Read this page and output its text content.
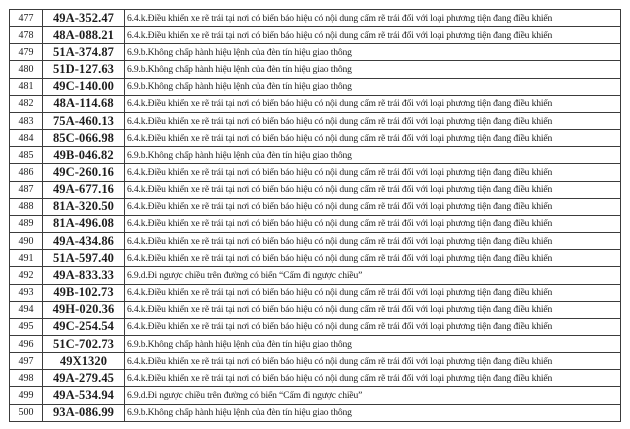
477	49A-352.47	6.4.k.Điều khiển xe rẽ trái tại nơi có biển báo hiệu có nội dung cấm rẽ trái đối với loại phương tiện đang điều khiển
478	48A-088.21	6.4.k.Điều khiển xe rẽ trái tại nơi có biển báo hiệu có nội dung cấm rẽ trái đối với loại phương tiện đang điều khiển
479	51A-374.87	6.9.b.Không chấp hành hiệu lệnh của đèn tín hiệu giao thông
480	51D-127.63	6.9.b.Không chấp hành hiệu lệnh của đèn tín hiệu giao thông
481	49C-140.00	6.9.b.Không chấp hành hiệu lệnh của đèn tín hiệu giao thông
482	48A-114.68	6.4.k.Điều khiển xe rẽ trái tại nơi có biển báo hiệu có nội dung cấm rẽ trái đối với loại phương tiện đang điều khiển
483	75A-460.13	6.4.k.Điều khiển xe rẽ trái tại nơi có biển báo hiệu có nội dung cấm rẽ trái đối với loại phương tiện đang điều khiển
484	85C-066.98	6.4.k.Điều khiển xe rẽ trái tại nơi có biển báo hiệu có nội dung cấm rẽ trái đối với loại phương tiện đang điều khiển
485	49B-046.82	6.9.b.Không chấp hành hiệu lệnh của đèn tín hiệu giao thông
486	49C-260.16	6.4.k.Điều khiển xe rẽ trái tại nơi có biển báo hiệu có nội dung cấm rẽ trái đối với loại phương tiện đang điều khiển
487	49A-677.16	6.4.k.Điều khiển xe rẽ trái tại nơi có biển báo hiệu có nội dung cấm rẽ trái đối với loại phương tiện đang điều khiển
488	81A-320.50	6.4.k.Điều khiển xe rẽ trái tại nơi có biển báo hiệu có nội dung cấm rẽ trái đối với loại phương tiện đang điều khiển
489	81A-496.08	6.4.k.Điều khiển xe rẽ trái tại nơi có biển báo hiệu có nội dung cấm rẽ trái đối với loại phương tiện đang điều khiển
490	49A-434.86	6.4.k.Điều khiển xe rẽ trái tại nơi có biển báo hiệu có nội dung cấm rẽ trái đối với loại phương tiện đang điều khiển
491	51A-597.40	6.4.k.Điều khiển xe rẽ trái tại nơi có biển báo hiệu có nội dung cấm rẽ trái đối với loại phương tiện đang điều khiển
492	49A-833.33	6.9.d.Đi ngược chiều trên đường có biển “Cấm đi ngược chiều”
493	49B-102.73	6.4.k.Điều khiển xe rẽ trái tại nơi có biển báo hiệu có nội dung cấm rẽ trái đối với loại phương tiện đang điều khiển
494	49H-020.36	6.4.k.Điều khiển xe rẽ trái tại nơi có biển báo hiệu có nội dung cấm rẽ trái đối với loại phương tiện đang điều khiển
495	49C-254.54	6.4.k.Điều khiển xe rẽ trái tại nơi có biển báo hiệu có nội dung cấm rẽ trái đối với loại phương tiện đang điều khiển
496	51C-702.73	6.9.b.Không chấp hành hiệu lệnh của đèn tín hiệu giao thông
497	49X1320	6.4.k.Điều khiển xe rẽ trái tại nơi có biển báo hiệu có nội dung cấm rẽ trái đối với loại phương tiện đang điều khiển
498	49A-279.45	6.4.k.Điều khiển xe rẽ trái tại nơi có biển báo hiệu có nội dung cấm rẽ trái đối với loại phương tiện đang điều khiển
499	49A-534.94	6.9.d.Đi ngược chiều trên đường có biển “Cấm đi ngược chiều”
500	93A-086.99	6.9.b.Không chấp hành hiệu lệnh của đèn tín hiệu giao thông
